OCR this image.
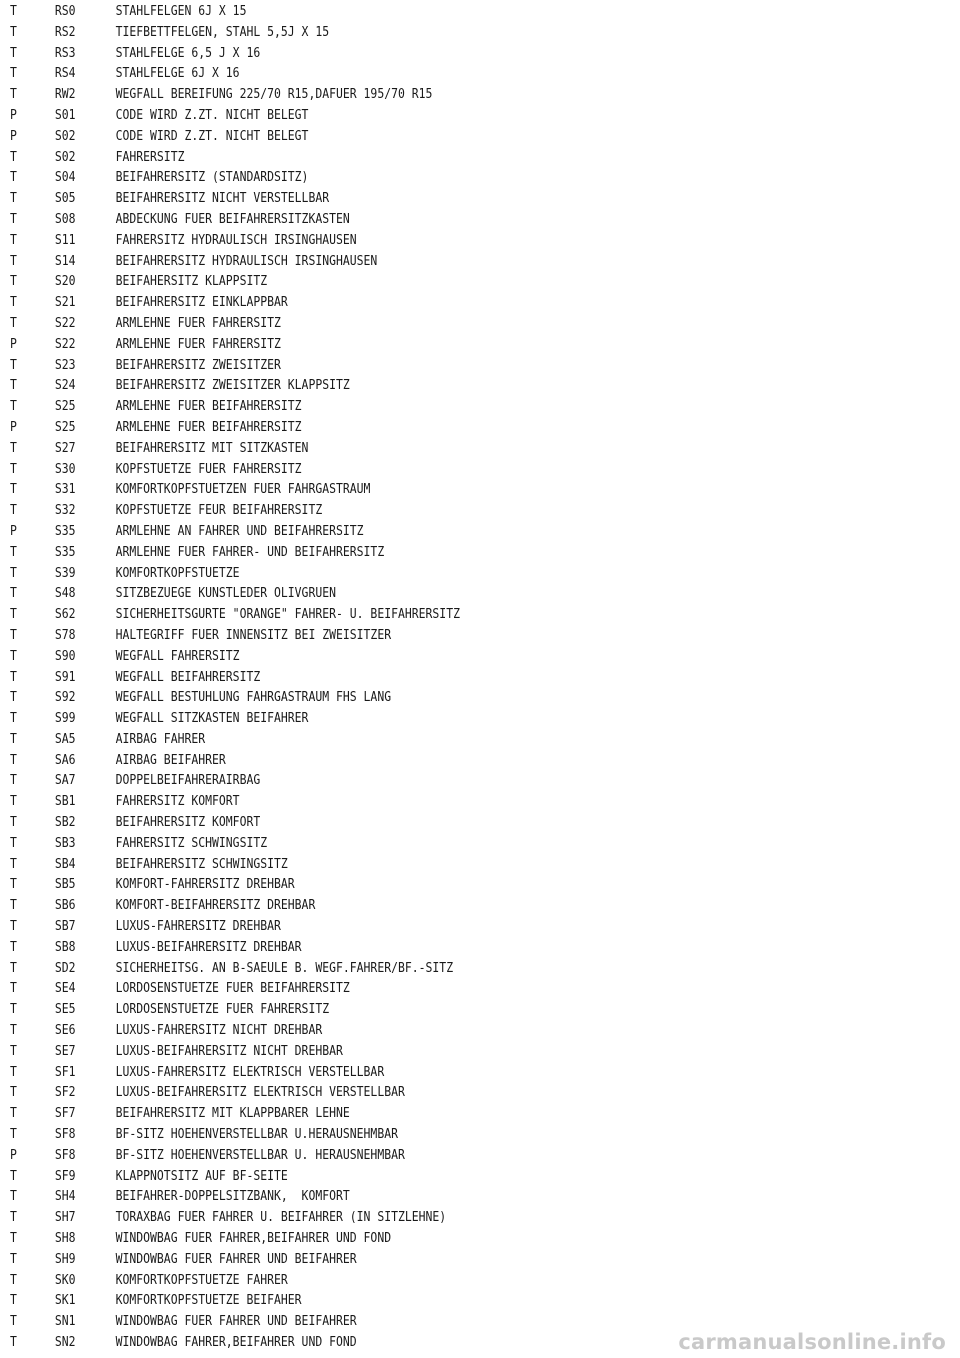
T	RS0	STAHLFELGEN 6J X 15
T	RS2	TIEFBETTFELGEN, STAHL 5,5J X 15
T	RS3	STAHLFELGE 6,5 J X 16
T	RS4	STAHLFELGE 6J X 16
T	RW2	WEGFALL BEREIFUNG 225/70 R15,DAFUER 195/70 R15
P	S01	CODE WIRD Z.ZT. NICHT BELEGT
P	S02	CODE WIRD Z.ZT. NICHT BELEGT
T	S02	FAHRERSITZ
T	S04	BEIFAHRERSITZ (STANDARDSITZ)
T	S05	BEIFAHRERSITZ NICHT VERSTELLBAR
T	S08	ABDECKUNG FUER BEIFAHRERSITZKASTEN
T	S11	FAHRERSITZ HYDRAULISCH IRSINGHAUSEN
T	S14	BEIFAHRERSITZ HYDRAULISCH IRSINGHAUSEN
T	S20	BEIFAHERSITZ KLAPPSITZ
T	S21	BEIFAHRERSITZ EINKLAPPBAR
T	S22	ARMLEHNE FUER FAHRERSITZ
P	S22	ARMLEHNE FUER FAHRERSITZ
T	S23	BEIFAHRERSITZ ZWEISITZER
T	S24	BEIFAHRERSITZ ZWEISITZER KLAPPSITZ
T	S25	ARMLEHNE FUER BEIFAHRERSITZ
P	S25	ARMLEHNE FUER BEIFAHRERSITZ
T	S27	BEIFAHRERSITZ MIT SITZKASTEN
T	S30	KOPFSTUETZE FUER FAHRERSITZ
T	S31	KOMFORTKOPFSTUETZEN FUER FAHRGASTRAUM
T	S32	KOPFSTUETZE FEUR BEIFAHRERSITZ
P	S35	ARMLEHNE AN FAHRER UND BEIFAHRERSITZ
T	S35	ARMLEHNE FUER FAHRER- UND BEIFAHRERSITZ
T	S39	KOMFORTKOPFSTUETZE
T	S48	SITZBEZUEGE KUNSTLEDER OLIVGRUEN
T	S62	SICHERHEITSGURTE "ORANGE" FAHRER- U. BEIFAHRERSITZ
T	S78	HALTEGRIFF FUER INNENSITZ BEI ZWEISITZER
T	S90	WEGFALL FAHRERSITZ
T	S91	WEGFALL BEIFAHRERSITZ
T	S92	WEGFALL BESTUHLUNG FAHRGASTRAUM FHS LANG
T	S99	WEGFALL SITZKASTEN BEIFAHRER
T	SA5	AIRBAG FAHRER
T	SA6	AIRBAG BEIFAHRER
T	SA7	DOPPELBEIFAHRERAIRBAG
T	SB1	FAHRERSITZ KOMFORT
T	SB2	BEIFAHRERSITZ KOMFORT
T	SB3	FAHRERSITZ SCHWINGSITZ
T	SB4	BEIFAHRERSITZ SCHWINGSITZ
T	SB5	KOMFORT-FAHRERSITZ DREHBAR
T	SB6	KOMFORT-BEIFAHRERSITZ DREHBAR
T	SB7	LUXUS-FAHRERSITZ DREHBAR
T	SB8	LUXUS-BEIFAHRERSITZ DREHBAR
T	SD2	SICHERHEITSG. AN B-SAEULE B. WEGF.FAHRER/BF.-SITZ
T	SE4	LORDOSENSTUETZE FUER BEIFAHRERSITZ
T	SE5	LORDOSENSTUETZE FUER FAHRERSITZ
T	SE6	LUXUS-FAHRERSITZ NICHT DREHBAR
T	SE7	LUXUS-BEIFAHRERSITZ NICHT DREHBAR
T	SF1	LUXUS-FAHRERSITZ ELEKTRISCH VERSTELLBAR
T	SF2	LUXUS-BEIFAHRERSITZ ELEKTRISCH VERSTELLBAR
T	SF7	BEIFAHRERSITZ MIT KLAPPBARER LEHNE
T	SF8	BF-SITZ HOEHENVERSTELLBAR U.HERAUSNEHMBAR
P	SF8	BF-SITZ HOEHENVERSTELLBAR U. HERAUSNEHMBAR
T	SF9	KLAPPNOTSITZ AUF BF-SEITE
T	SH4	BEIFAHRER-DOPPELSITZBANK,  KOMFORT
T	SH7	TORAXBAG FUER FAHRER U. BEIFAHRER (IN SITZLEHNE)
T	SH8	WINDOWBAG FUER FAHRER,BEIFAHRER UND FOND
T	SH9	WINDOWBAG FUER FAHRER UND BEIFAHRER
T	SK0	KOMFORTKOPFSTUETZE FAHRER
T	SK1	KOMFORTKOPFSTUETZE BEIFAHER
T	SN1	WINDOWBAG FUER FAHRER UND BEIFAHRER
T	SN2	WINDOWBAG FAHRER,BEIFAHRER UND FOND	carmanualsonline.info
